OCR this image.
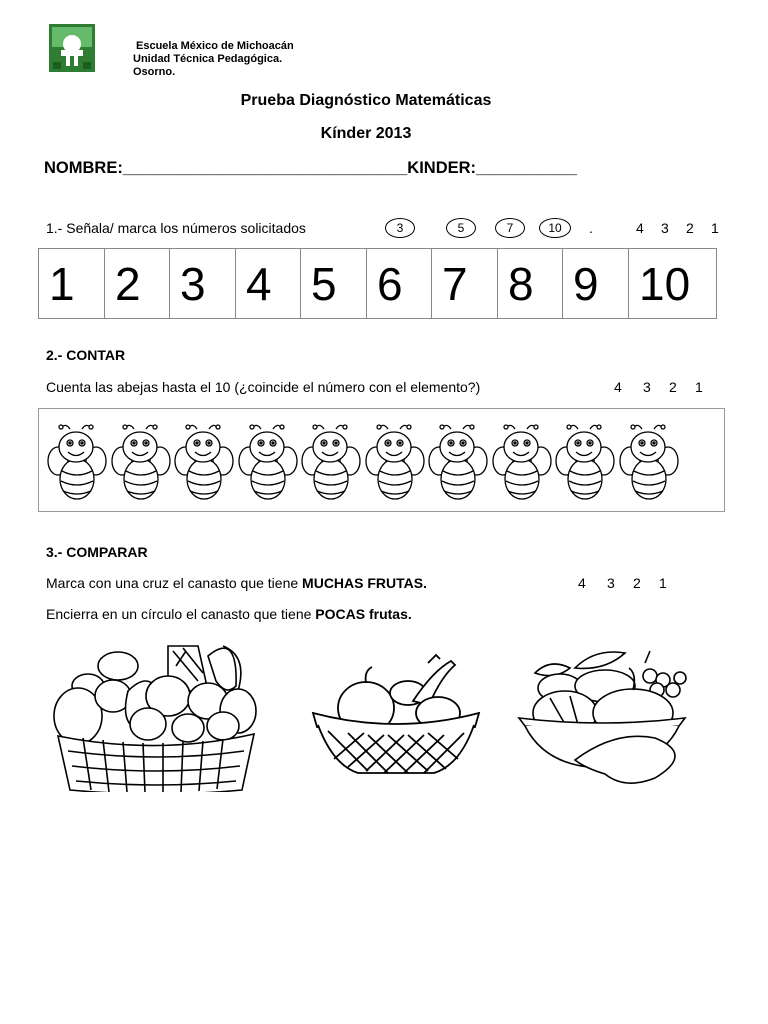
Escuela México de Michoacán
Unidad Técnica Pedagógica.
Osorno.
Prueba Diagnóstico Matemáticas
Kínder 2013
NOMBRE:_______________________________KINDER:___________
1.- Señala/ marca los números solicitados	3	5	7	10	.	4 3 2 1
1 2 3 4 5 6 7 8 9 10
2.- CONTAR
Cuenta las abejas hasta el 10 (¿coincide el número con el elemento?)	4 3 2 1
3.- COMPARAR
Marca con una cruz el canasto que tiene MUCHAS FRUTAS.	4 3 2 1
Encierra en un círculo el canasto que tiene POCAS frutas.
